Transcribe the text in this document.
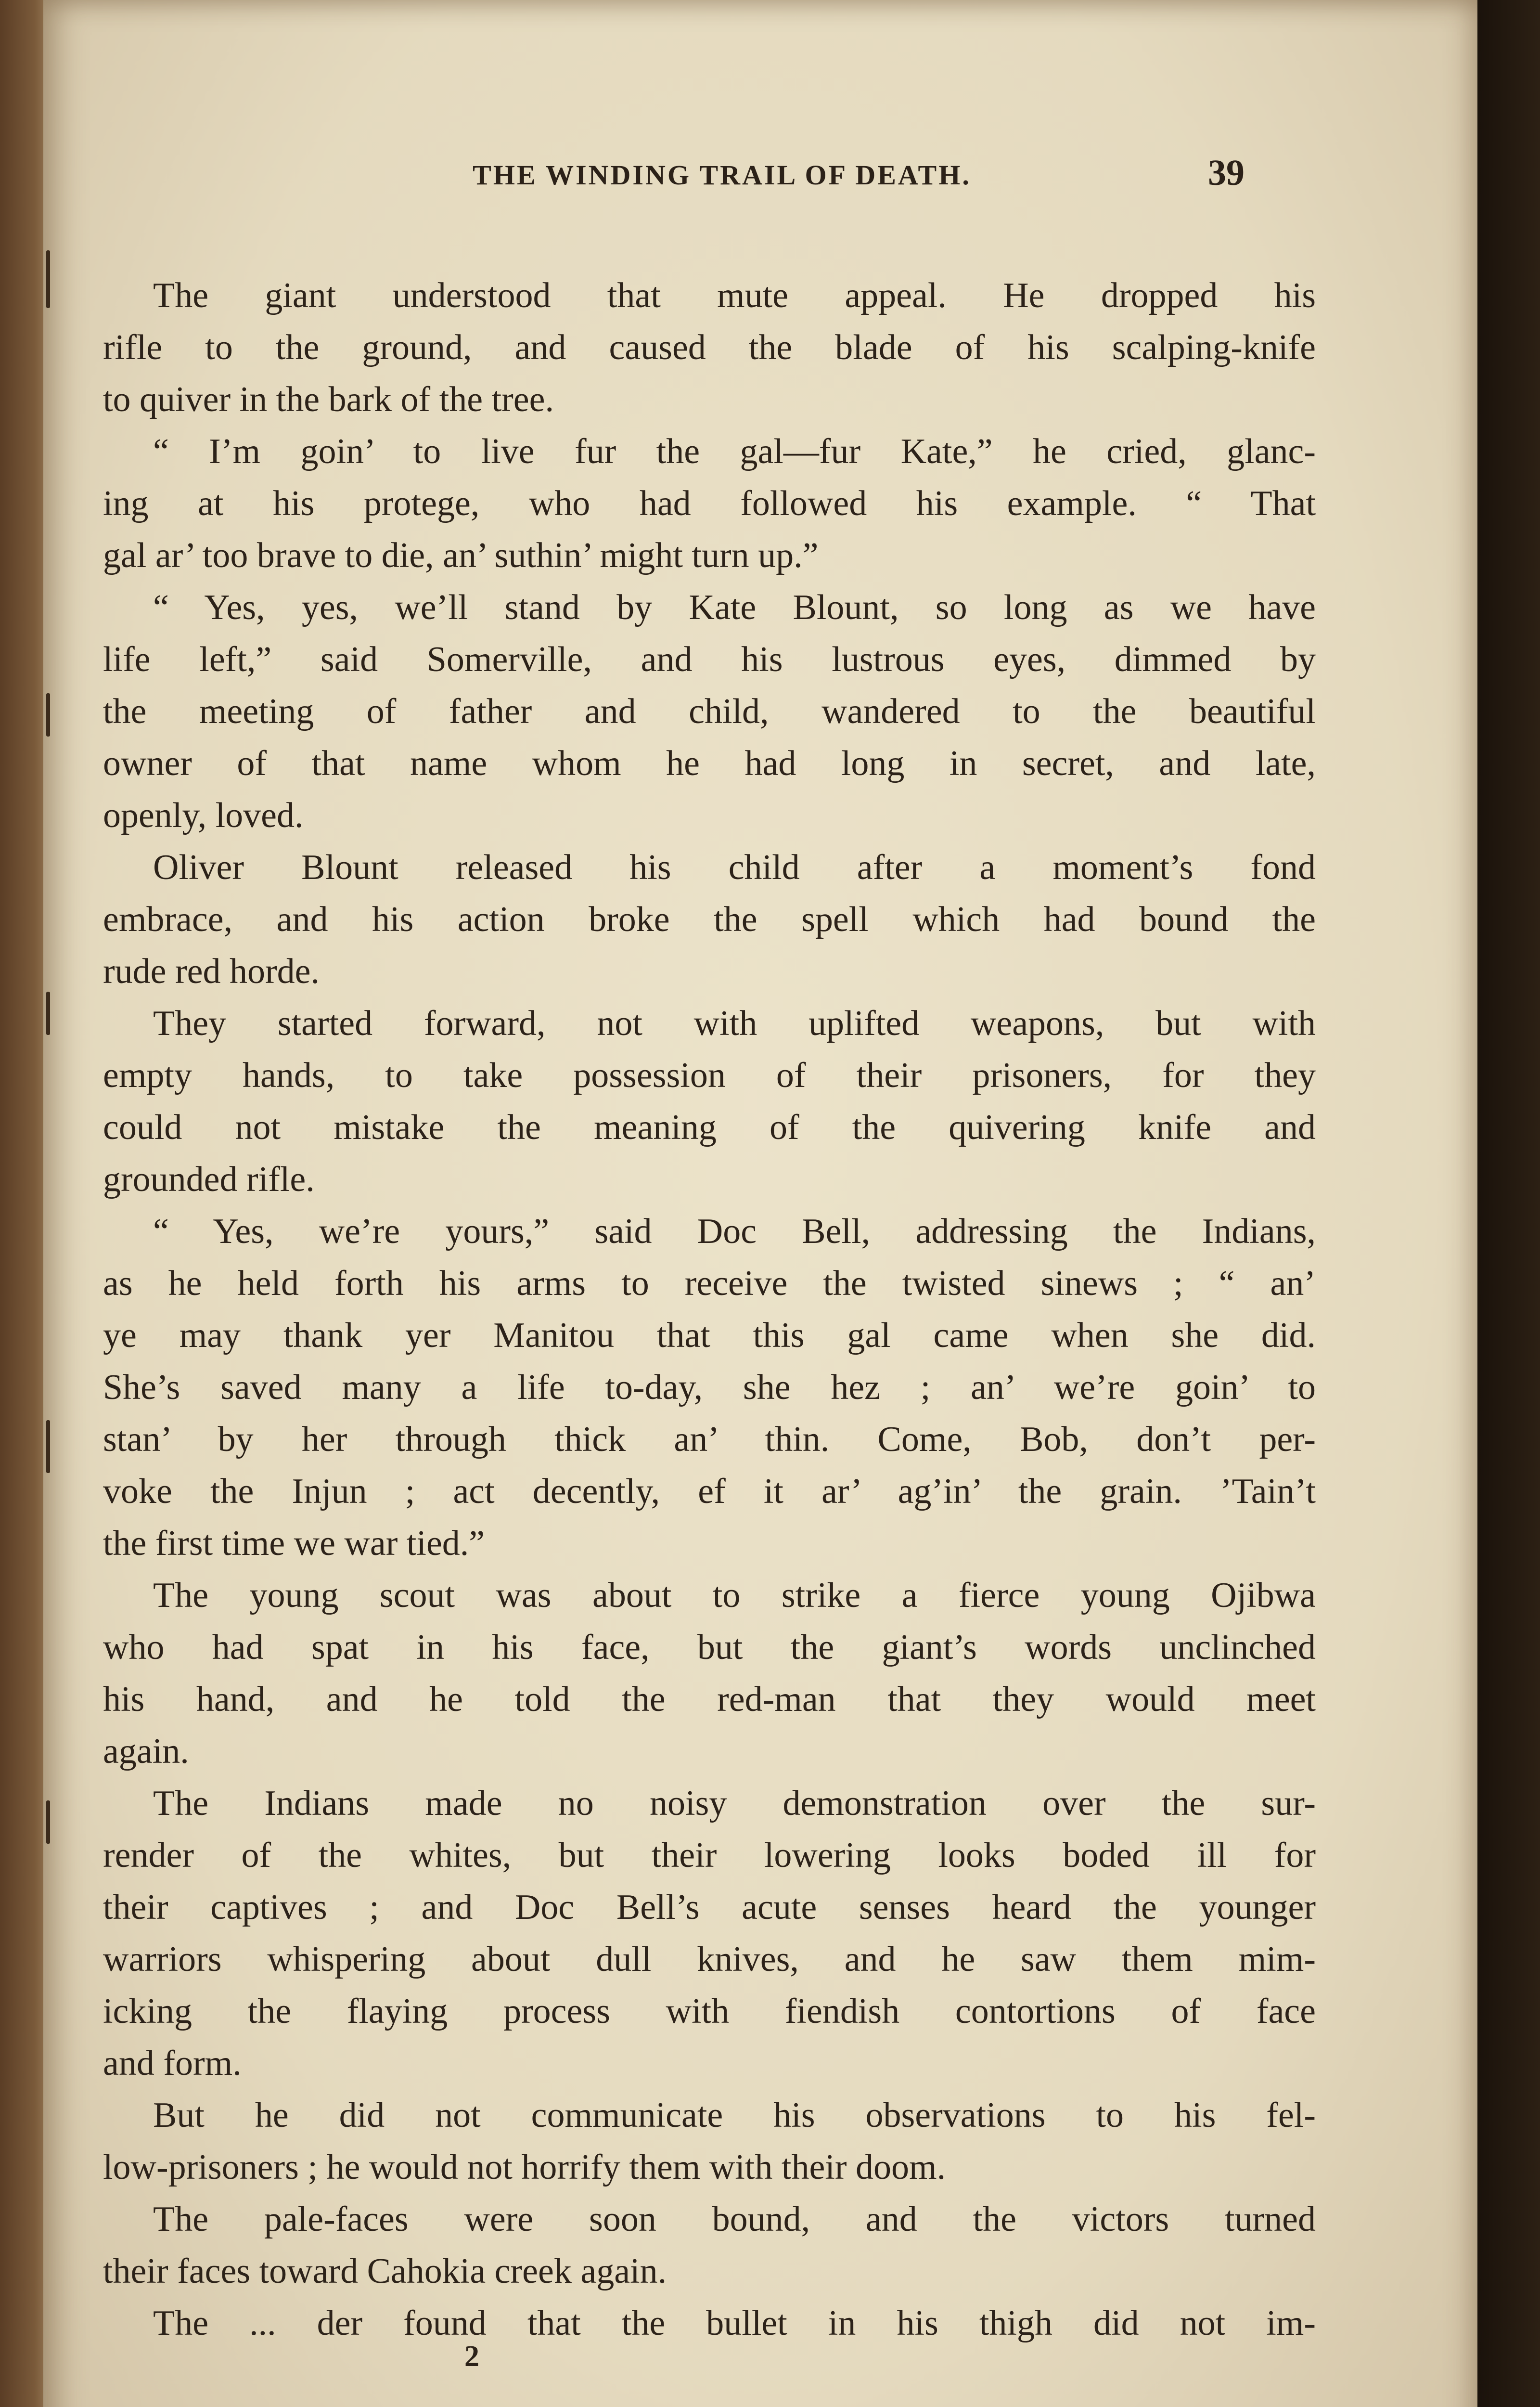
THE WINDING TRAIL OF DEATH.	39
The giant understood that mute appeal. He dropped his
rifle to the ground, and caused the blade of his scalping-knife
to quiver in the bark of the tree.
“ I’m goin’ to live fur the gal—fur Kate,” he cried, glanc-
ing at his protege, who had followed his example. “ That
gal ar’ too brave to die, an’ suthin’ might turn up.”
“ Yes, yes, we’ll stand by Kate Blount, so long as we have
life left,” said Somerville, and his lustrous eyes, dimmed by
the meeting of father and child, wandered to the beautiful
owner of that name whom he had long in secret, and late,
openly, loved.
Oliver Blount released his child after a moment’s fond
embrace, and his action broke the spell which had bound the
rude red horde.
They started forward, not with uplifted weapons, but with
empty hands, to take possession of their prisoners, for they
could not mistake the meaning of the quivering knife and
grounded rifle.
“ Yes, we’re yours,” said Doc Bell, addressing the Indians,
as he held forth his arms to receive the twisted sinews ; “ an’
ye may thank yer Manitou that this gal came when she did.
She’s saved many a life to-day, she hez ; an’ we’re goin’ to
stan’ by her through thick an’ thin. Come, Bob, don’t per-
voke the Injun ; act decently, ef it ar’ ag’in’ the grain. ’Tain’t
the first time we war tied.”
The young scout was about to strike a fierce young Ojibwa
who had spat in his face, but the giant’s words unclinched
his hand, and he told the red-man that they would meet
again.
The Indians made no noisy demonstration over the sur-
render of the whites, but their lowering looks boded ill for
their captives ; and Doc Bell’s acute senses heard the younger
warriors whispering about dull knives, and he saw them mim-
icking the flaying process with fiendish contortions of face
and form.
But he did not communicate his observations to his fel-
low-prisoners ; he would not horrify them with their doom.
The pale-faces were soon bound, and the victors turned
their faces toward Cahokia creek again.
The ... der found that the bullet in his thigh did not im-
2
